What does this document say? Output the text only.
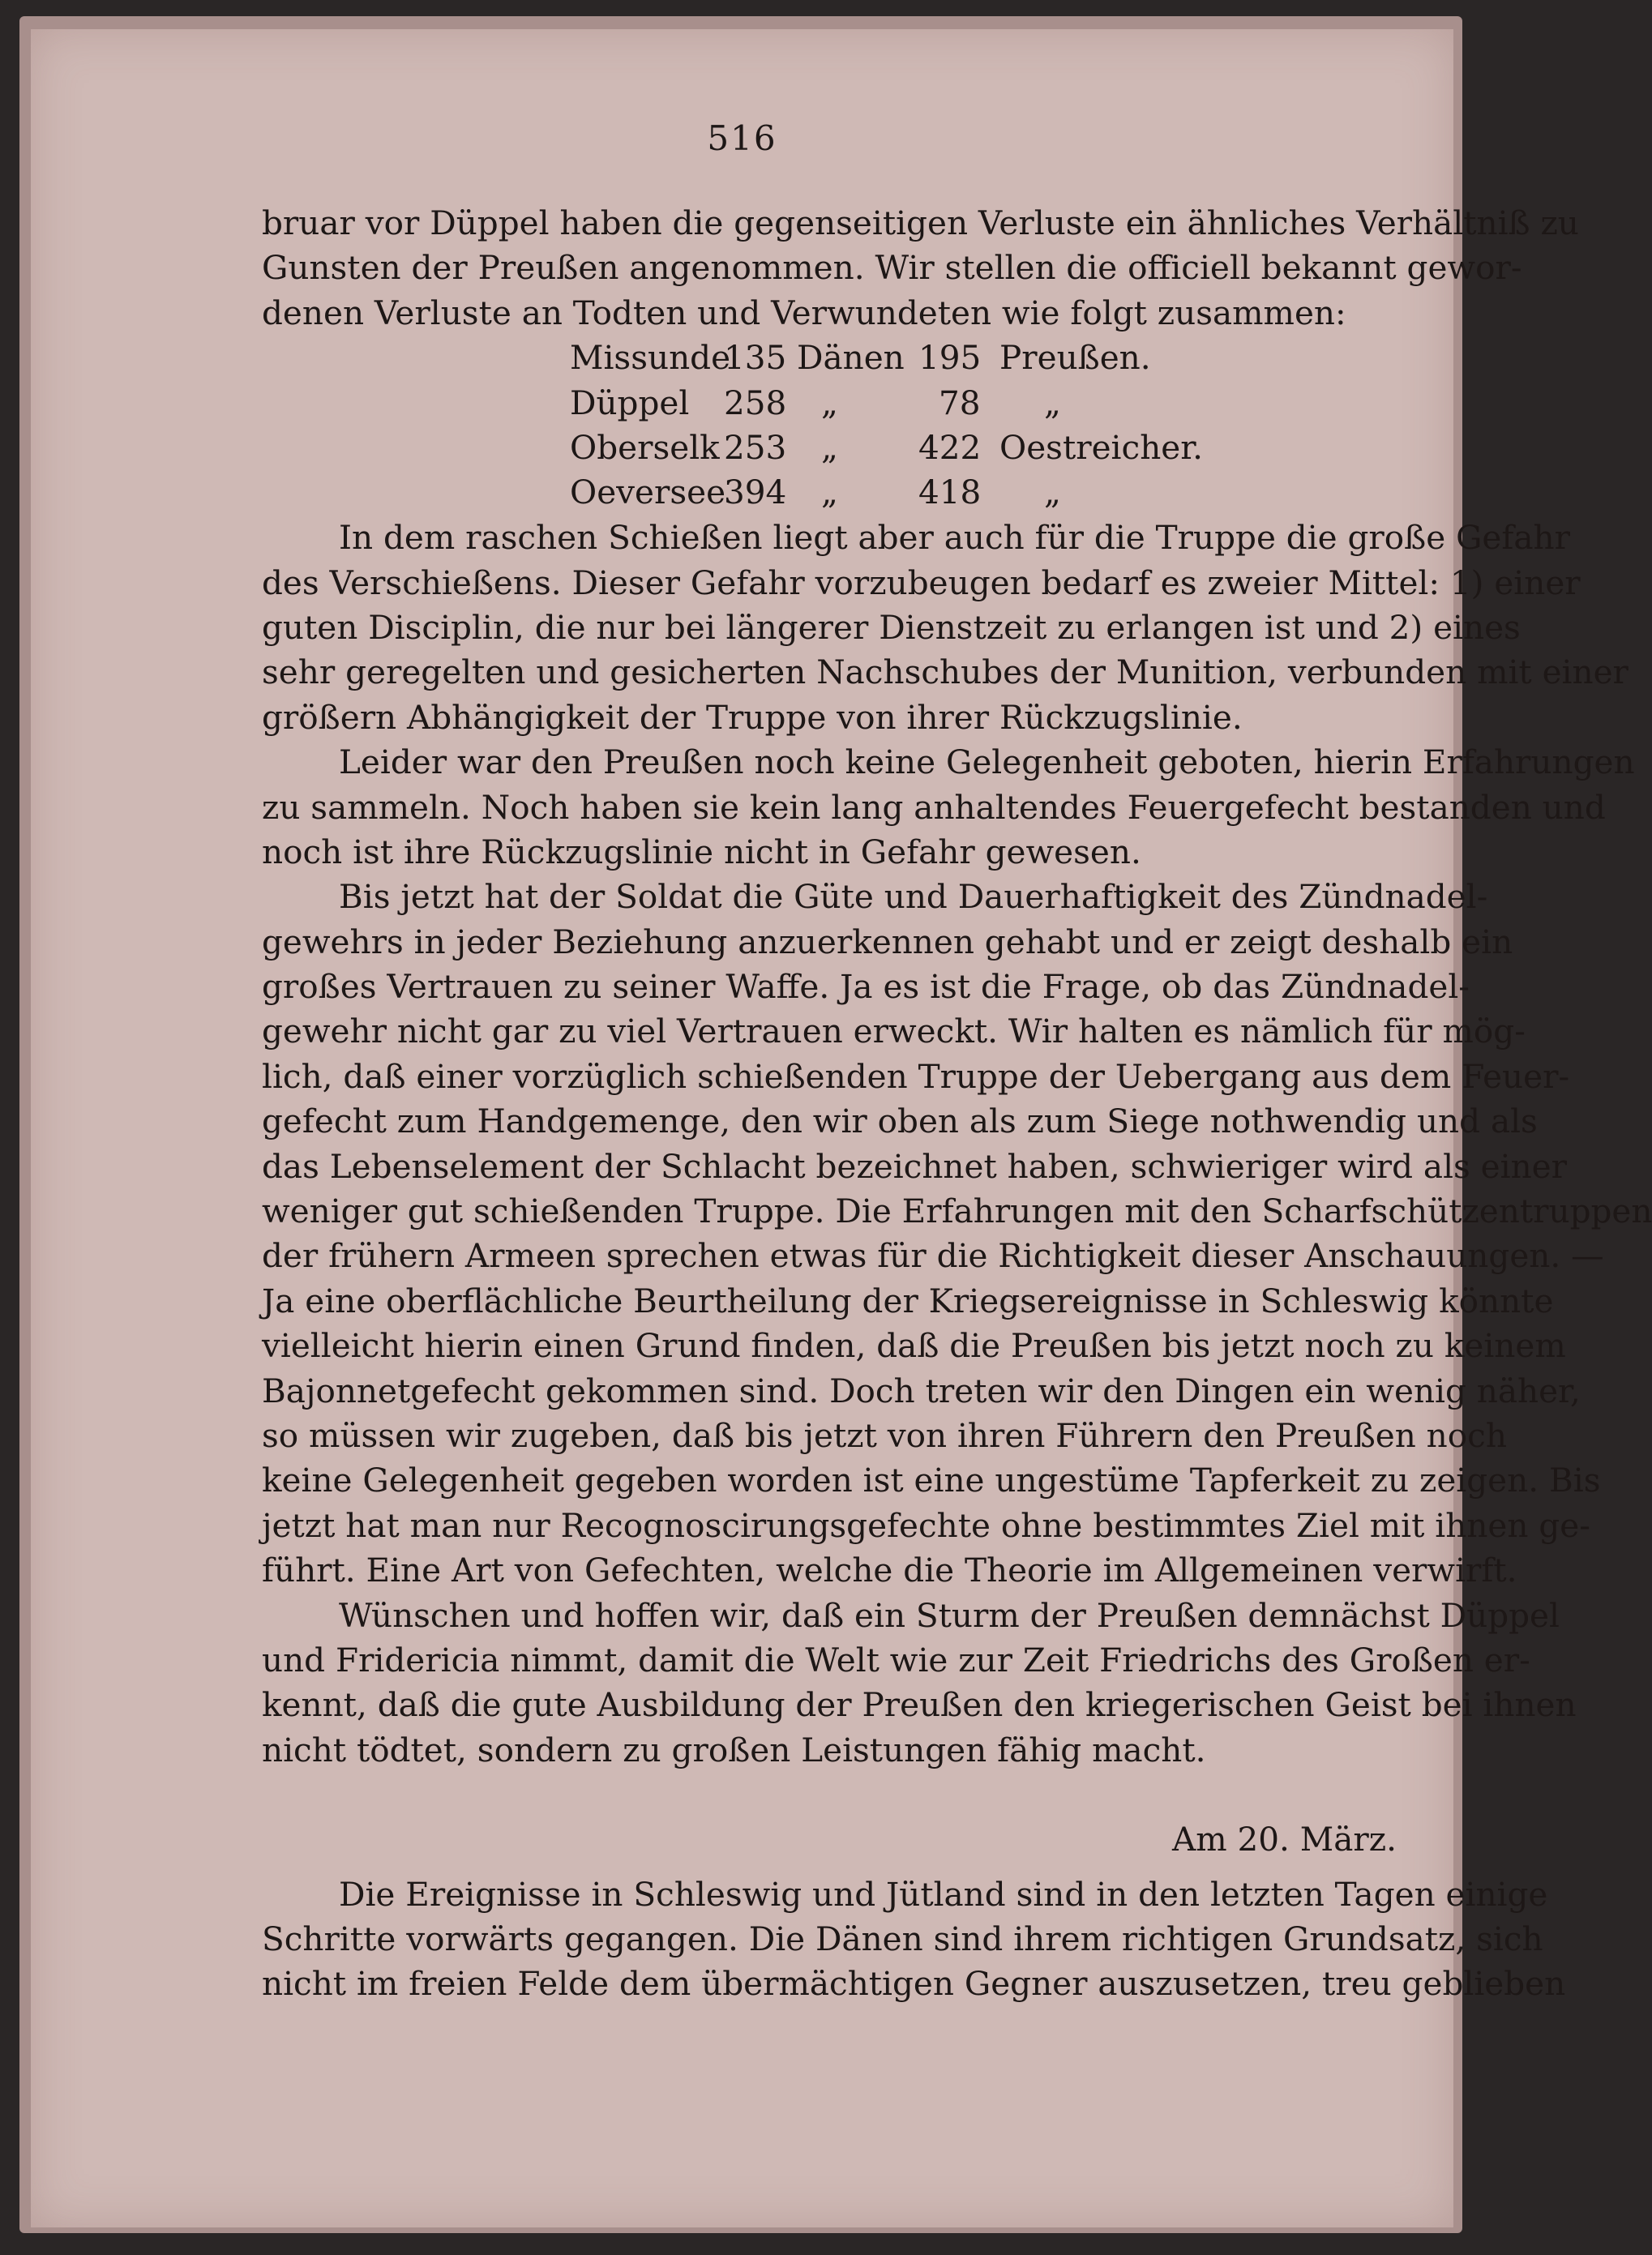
516
bruar vor Düppel haben die gegenseitigen Verluste ein ähnliches Verhältniß zu
Gunsten der Preußen angenommen. Wir stellen die officiell bekannt gewor-
denen Verluste an Todten und Verwundeten wie folgt zusammen:
Missunde
135 Dänen 195 Preußen.
Düppel 258 „	78 „
Oberselk 253 „ 422 Oestreicher.
Oeversee
394 „ 418 „
In dem raschen Schießen liegt aber auch für die Truppe die große Gefahr
des Verschießens. Dieser Gefahr vorzubeugen bedarf es zweier Mittel: 1) einer
guten Disciplin, die nur bei längerer Dienstzeit zu erlangen ist und 2) eines
sehr geregelten und gesicherten Nachschubes der Munition, verbunden mit einer
größern Abhängigkeit der Truppe von ihrer Rückzugslinie.
Leider war den Preußen noch keine Gelegenheit geboten, hierin Erfahrungen
zu sammeln. Noch haben sie kein lang anhaltendes Feuergefecht bestanden und
noch ist ihre Rückzugslinie nicht in Gefahr gewesen.
Bis jetzt hat der Soldat die Güte und Dauerhaftigkeit des Zündnadel-
gewehrs in jeder Beziehung anzuerkennen gehabt und er zeigt deshalb ein
großes Vertrauen zu seiner Waffe. Ja es ist die Frage, ob das Zündnadel-
gewehr nicht gar zu viel Vertrauen erweckt. Wir halten es nämlich für mög-
lich, daß einer vorzüglich schießenden Truppe der Uebergang aus dem Feuer-
gefecht zum Handgemenge, den wir oben als zum Siege nothwendig und als
das Lebenselement der Schlacht bezeichnet haben, schwieriger wird als einer
weniger gut schießenden Truppe. Die Erfahrungen mit den Scharfschützentruppen
der frühern Armeen sprechen etwas für die Richtigkeit dieser Anschauungen. —
Ja eine oberflächliche Beurtheilung der Kriegsereignisse in Schleswig könnte
vielleicht hierin einen Grund finden, daß die Preußen bis jetzt noch zu keinem
Bajonnetgefecht gekommen sind. Doch treten wir den Dingen ein wenig näher,
so müssen wir zugeben, daß bis jetzt von ihren Führern den Preußen noch
keine Gelegenheit gegeben worden ist eine ungestüme Tapferkeit zu zeigen. Bis
jetzt hat man nur Recognoscirungsgefechte ohne bestimmtes Ziel mit ihnen ge-
führt. Eine Art von Gefechten, welche die Theorie im Allgemeinen verwirft.
Wünschen und hoffen wir, daß ein Sturm der Preußen demnächst Düppel
und Fridericia nimmt, damit die Welt wie zur Zeit Friedrichs des Großen er-
kennt, daß die gute Ausbildung der Preußen den kriegerischen Geist bei ihnen
nicht tödtet, sondern zu großen Leistungen fähig macht.
Am 20. März.
Die Ereignisse in Schleswig und Jütland sind in den letzten Tagen einige
Schritte vorwärts gegangen. Die Dänen sind ihrem richtigen Grundsatz, sich
nicht im freien Felde dem übermächtigen Gegner auszusetzen, treu geblieben
